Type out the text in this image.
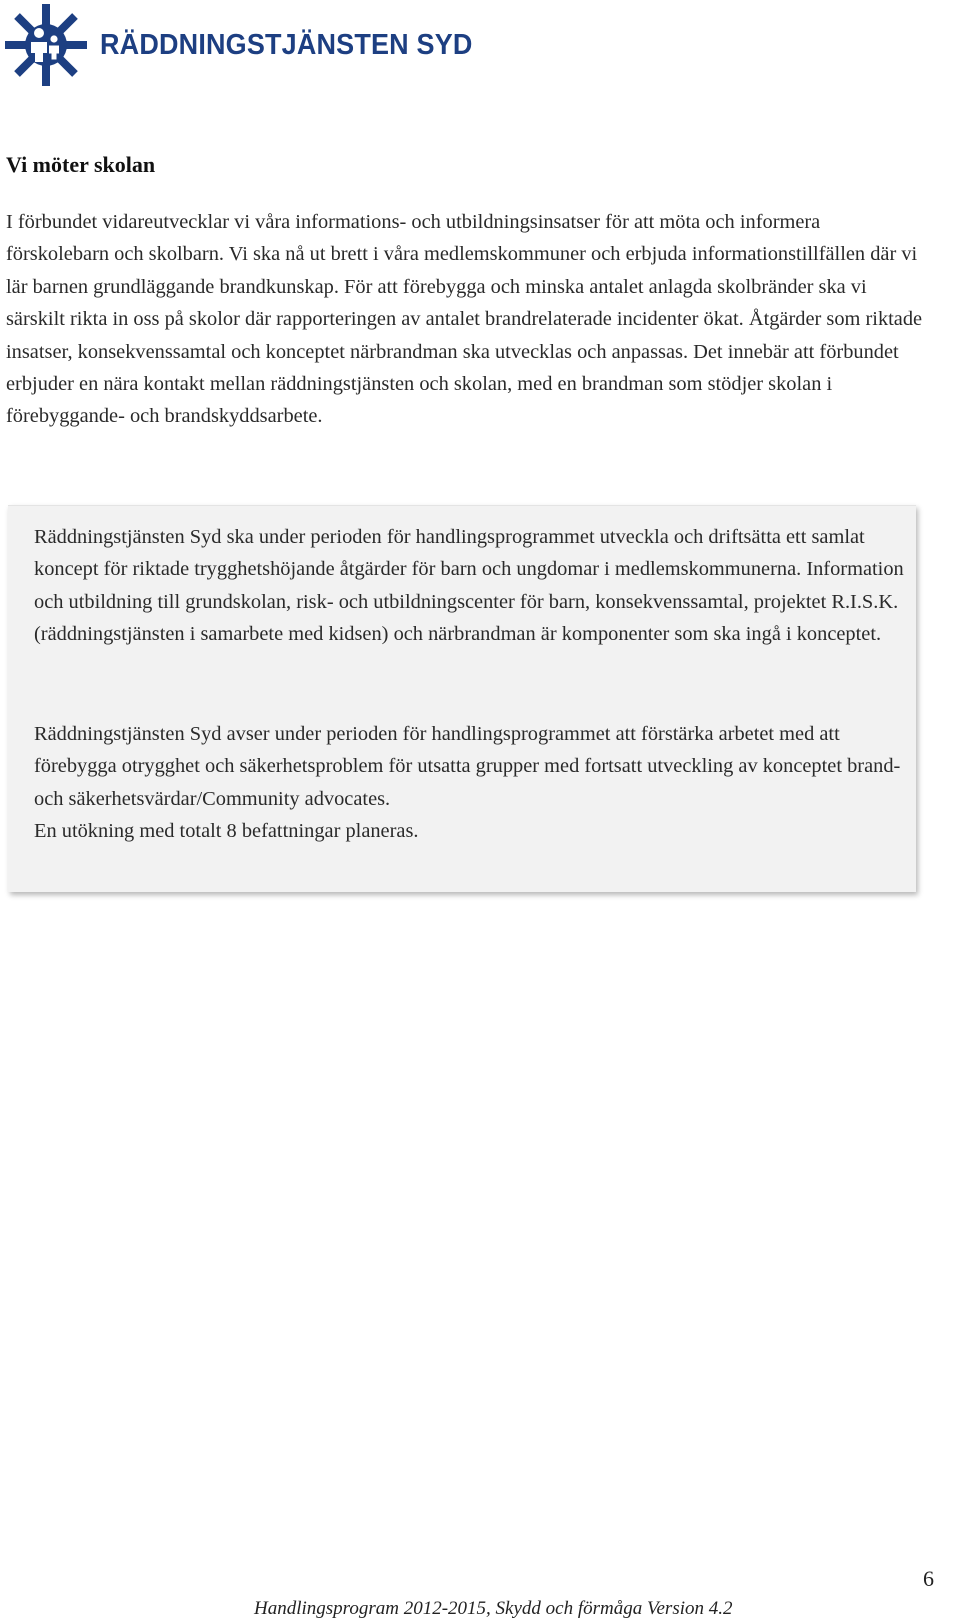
RÄDDNINGSTJÄNSTEN SYD
Vi möter skolan

I förbundet vidareutvecklar vi våra informations- och utbildningsinsatser för att möta och informera förskolebarn och skolbarn. Vi ska nå ut brett i våra medlemskommuner och erbjuda informationstillfällen där vi lär barnen grundläggande brandkunskap. För att förebygga och minska antalet anlagda skolbränder ska vi särskilt rikta in oss på skolor där rapporteringen av antalet brandrelaterade incidenter ökat. Åtgärder som riktade insatser, konsekvenssamtal och konceptet närbrandman ska utvecklas och anpassas. Det innebär att förbundet erbjuder en nära kontakt mellan räddningstjänsten och skolan, med en brandman som stödjer skolan i förebyggande- och brandskyddsarbete.

Räddningstjänsten Syd ska under perioden för handlingsprogrammet utveckla och driftsätta ett samlat koncept för riktade trygghetshöjande åtgärder för barn och ungdomar i medlemskommunerna. Information och utbildning till grundskolan, risk- och utbildningscenter för barn, konsekvenssamtal, projektet R.I.S.K. (räddningstjänsten i samarbete med kidsen) och närbrandman är komponenter som ska ingå i konceptet.

Räddningstjänsten Syd avser under perioden för handlingsprogrammet att förstärka arbetet med att förebygga otrygghet och säkerhetsproblem för utsatta grupper med fortsatt utveckling av konceptet brand- och säkerhetsvärdar/Community advocates.
En utökning med totalt 8 befattningar planeras.

6
Handlingsprogram 2012-2015, Skydd och förmåga Version 4.2
